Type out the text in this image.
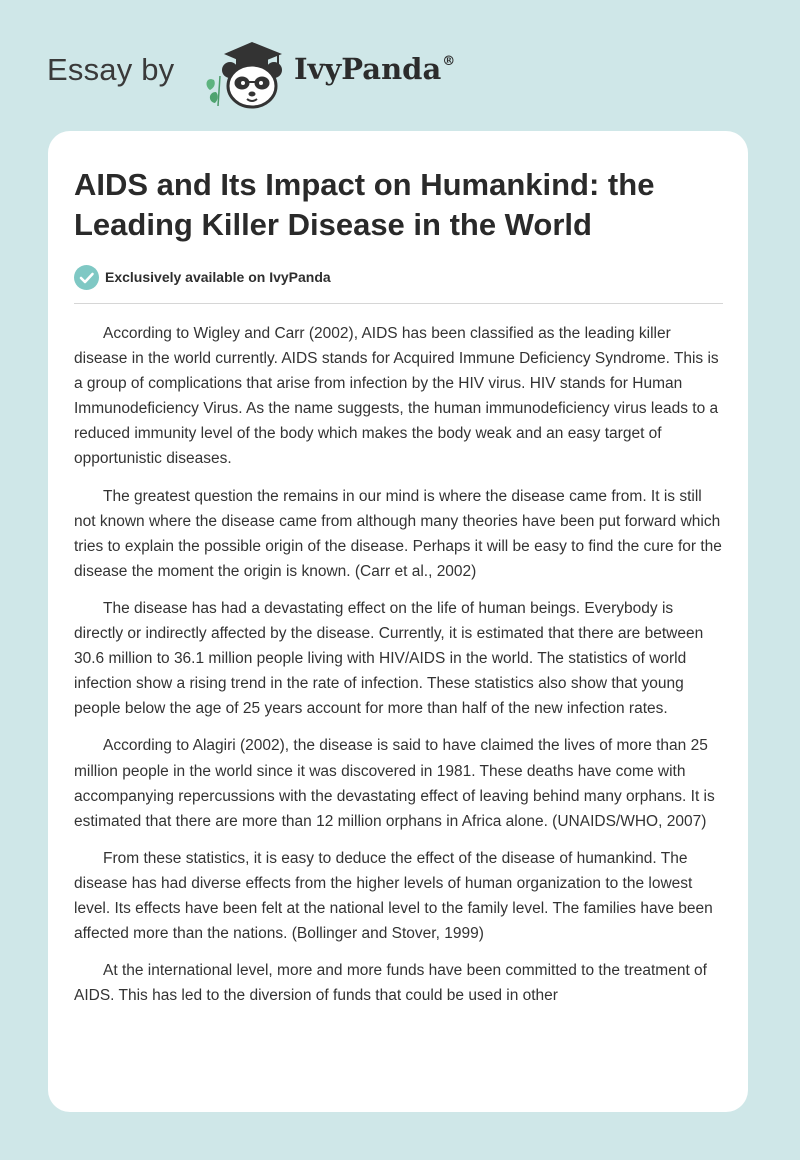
Essay by	IvyPanda®
AIDS and Its Impact on Humankind: the Leading Killer Disease in the World
Exclusively available on IvyPanda

According to Wigley and Carr (2002), AIDS has been classified as the leading killer disease in the world currently. AIDS stands for Acquired Immune Deficiency Syndrome. This is a group of complications that arise from infection by the HIV virus. HIV stands for Human Immunodeficiency Virus. As the name suggests, the human immunodeficiency virus leads to a reduced immunity level of the body which makes the body weak and an easy target of opportunistic diseases.

The greatest question the remains in our mind is where the disease came from. It is still not known where the disease came from although many theories have been put forward which tries to explain the possible origin of the disease. Perhaps it will be easy to find the cure for the disease the moment the origin is known. (Carr et al., 2002)

The disease has had a devastating effect on the life of human beings. Everybody is directly or indirectly affected by the disease. Currently, it is estimated that there are between 30.6 million to 36.1 million people living with HIV/AIDS in the world. The statistics of world infection show a rising trend in the rate of infection. These statistics also show that young people below the age of 25 years account for more than half of the new infection rates.

According to Alagiri (2002), the disease is said to have claimed the lives of more than 25 million people in the world since it was discovered in 1981. These deaths have come with accompanying repercussions with the devastating effect of leaving behind many orphans. It is estimated that there are more than 12 million orphans in Africa alone. (UNAIDS/WHO, 2007)

From these statistics, it is easy to deduce the effect of the disease of humankind. The disease has had diverse effects from the higher levels of human organization to the lowest level. Its effects have been felt at the national level to the family level. The families have been affected more than the nations. (Bollinger and Stover, 1999)

At the international level, more and more funds have been committed to the treatment of AIDS. This has led to the diversion of funds that could be used in other
